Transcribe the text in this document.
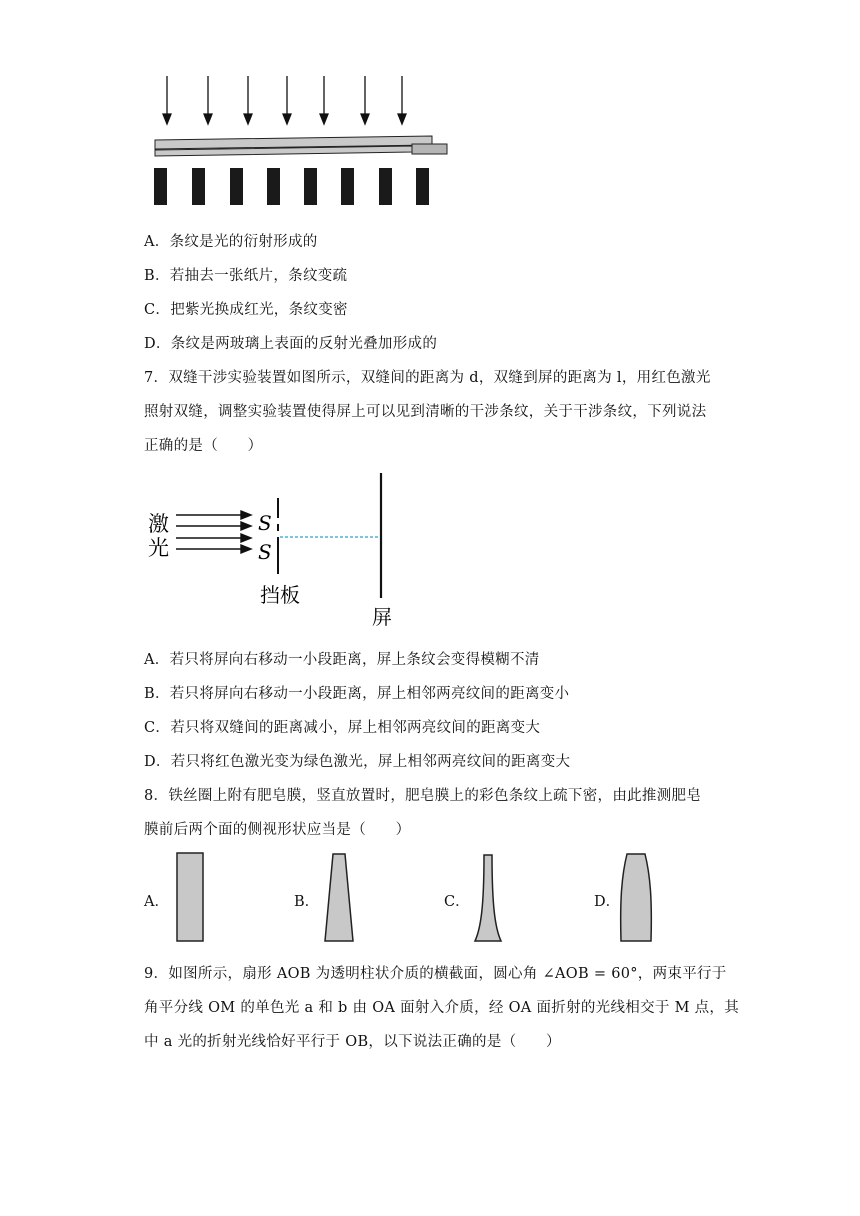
A．条纹是光的衍射形成的
B．若抽去一张纸片，条纹变疏
C．把紫光换成红光，条纹变密
D．条纹是两玻璃上表面的反射光叠加形成的
7．双缝干涉实验装置如图所示，双缝间的距离为 d，双缝到屏的距离为 l，用红色激光
照射双缝，调整实验装置使得屏上可以见到清晰的干涉条纹，关于干涉条纹，下列说法
正确的是（　　）
激
光
S
S
挡板
屏
A．若只将屏向右移动一小段距离，屏上条纹会变得模糊不清
B．若只将屏向右移动一小段距离，屏上相邻两亮纹间的距离变小
C．若只将双缝间的距离减小，屏上相邻两亮纹间的距离变大
D．若只将红色激光变为绿色激光，屏上相邻两亮纹间的距离变大
8．铁丝圈上附有肥皂膜，竖直放置时，肥皂膜上的彩色条纹上疏下密，由此推测肥皂
膜前后两个面的侧视形状应当是（　　）
A．	B．	C．	D．
9．如图所示，扇形 AOB 为透明柱状介质的横截面，圆心角 ∠AOB = 60°，两束平行于
角平分线 OM 的单色光 a 和 b 由 OA 面射入介质，经 OA 面折射的光线相交于 M 点，其
中 a 光的折射光线恰好平行于 OB，以下说法正确的是（　　）
